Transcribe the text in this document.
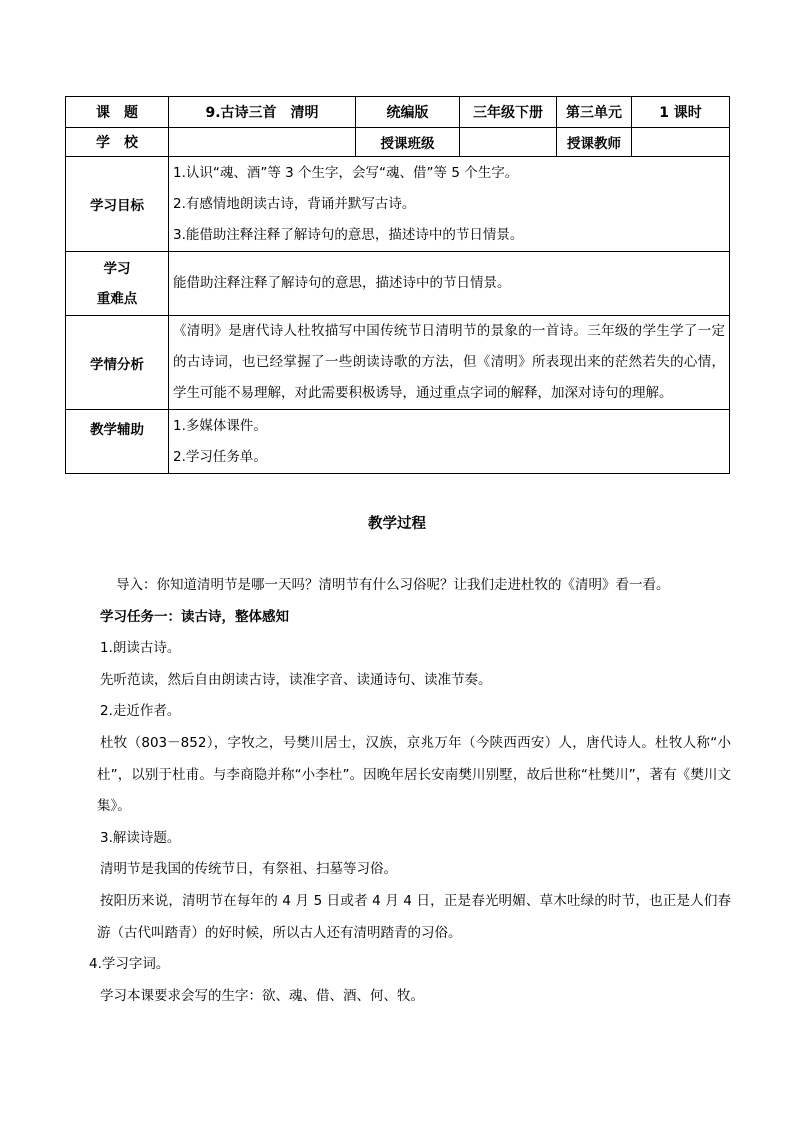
课　题	9.古诗三首　清明	统编版	三年级下册	第三单元	1 课时
学　校		授课班级		授课教师	
学习目标	1.认识“魂、酒”等 3 个生字，会写“魂、借”等 5 个生字。
2.有感情地朗读古诗，背诵并默写古诗。
3.能借助注释注释了解诗句的意思，描述诗中的节日情景。				

学习
重难点	能借助注释注释了解诗句的意思，描述诗中的节日情景。				

学情分析	《清明》是唐代诗人杜牧描写中国传统节日清明节的景象的一首诗。三年级的学生学了一定的古诗词，也已经掌握了一些朗读诗歌的方法，但《清明》所表现出来的茫然若失的心情，学生可能不易理解，对此需要积极诱导，通过重点字词的解释，加深对诗句的理解。				

教学辅助	1.多媒体课件。
2.学习任务单。				
教学过程

导入：你知道清明节是哪一天吗？清明节有什么习俗呢？让我们走进杜牧的《清明》看一看。

学习任务一：读古诗，整体感知

1.朗读古诗。

先听范读，然后自由朗读古诗，读准字音、读通诗句、读准节奏。

2.走近作者。

杜牧（803－852），字牧之，号樊川居士，汉族，京兆万年（今陕西西安）人，唐代诗人。杜牧人称“小杜”，以别于杜甫。与李商隐并称“小李杜”。因晚年居长安南樊川别墅，故后世称“杜樊川”，著有《樊川文集》。

3.解读诗题。

清明节是我国的传统节日，有祭祖、扫墓等习俗。

按阳历来说，清明节在每年的 4 月 5 日或者 4 月 4 日，正是春光明媚、草木吐绿的时节，也正是人们春游（古代叫踏青）的好时候，所以古人还有清明踏青的习俗。

4.学习字词。

学习本课要求会写的生字：欲、魂、借、酒、何、牧。
